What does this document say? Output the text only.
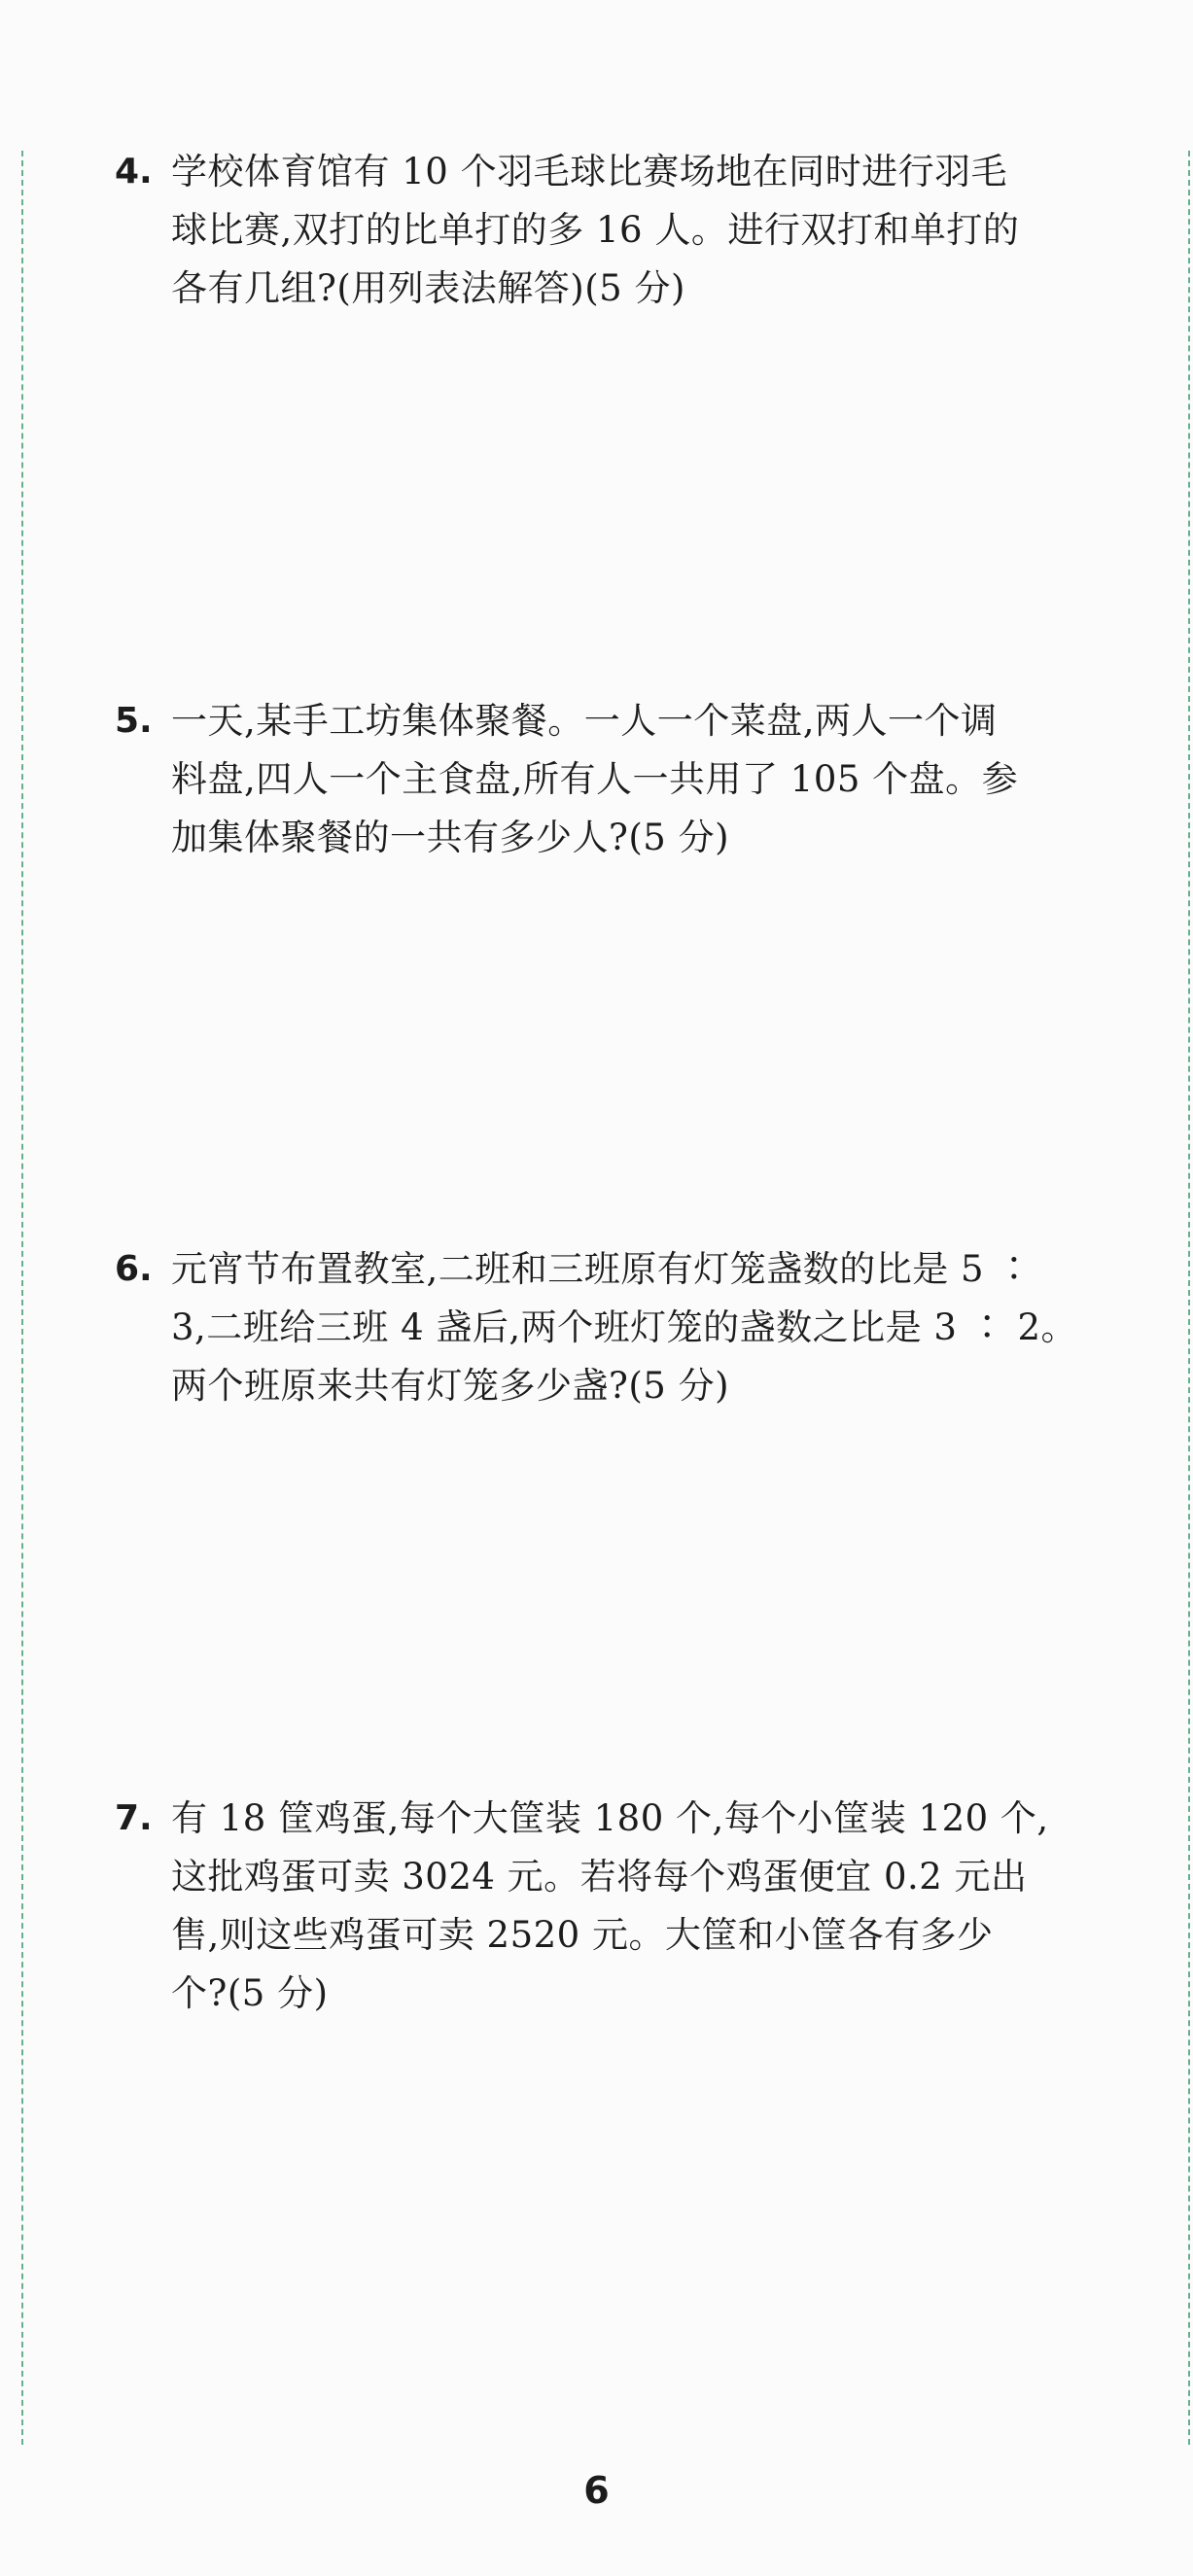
4. 学校体育馆有 10 个羽毛球比赛场地在同时进行羽毛
球比赛,双打的比单打的多 16 人。进行双打和单打的
各有几组?(用列表法解答)(5 分)
5. 一天,某手工坊集体聚餐。一人一个菜盘,两人一个调
料盘,四人一个主食盘,所有人一共用了 105 个盘。参
加集体聚餐的一共有多少人?(5 分)
6. 元宵节布置教室,二班和三班原有灯笼盏数的比是 5 ∶
3,二班给三班 4 盏后,两个班灯笼的盏数之比是 3 ∶ 2。
两个班原来共有灯笼多少盏?(5 分)
7. 有 18 筐鸡蛋,每个大筐装 180 个,每个小筐装 120 个,
这批鸡蛋可卖 3024 元。若将每个鸡蛋便宜 0.2 元出
售,则这些鸡蛋可卖 2520 元。大筐和小筐各有多少
个?(5 分)
6
